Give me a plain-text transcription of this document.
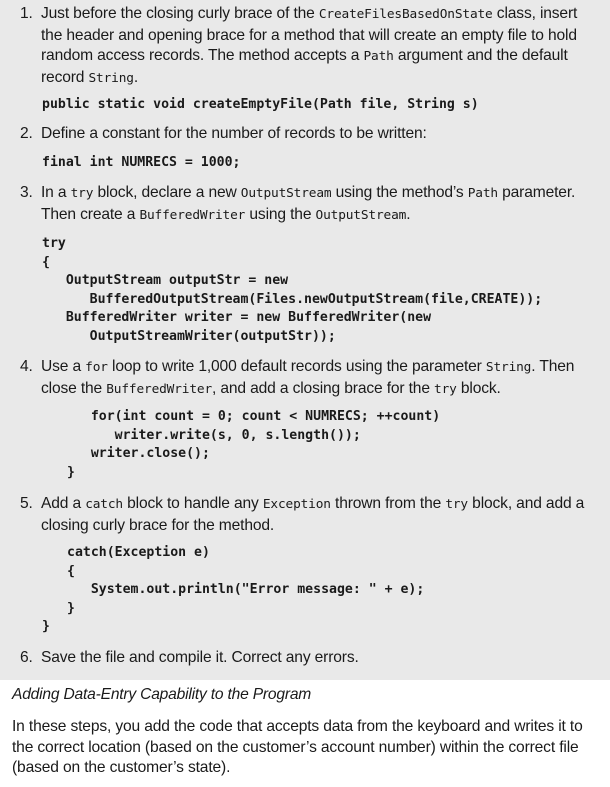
1. Just before the closing curly brace of the CreateFilesBasedOnState class, insert the header and opening brace for a method that will create an empty file to hold random access records. The method accepts a Path argument and the default record String.
public static void createEmptyFile(Path file, String s)
2. Define a constant for the number of records to be written:
final int NUMRECS = 1000;
3. In a try block, declare a new OutputStream using the method’s Path parameter. Then create a BufferedWriter using the OutputStream.
try
{
OutputStream outputStr = new
BufferedOutputStream(Files.newOutputStream(file,CREATE));
BufferedWriter writer = new BufferedWriter(new
OutputStreamWriter(outputStr));
4. Use a for loop to write 1,000 default records using the parameter String. Then close the BufferedWriter, and add a closing brace for the try block.
for(int count = 0; count < NUMRECS; ++count)
writer.write(s, 0, s.length());
writer.close();
}
5. Add a catch block to handle any Exception thrown from the try block, and add a closing curly brace for the method.
catch(Exception e)
{
System.out.println("Error message: " + e);
}
}
6. Save the file and compile it. Correct any errors.
Adding Data-Entry Capability to the Program
In these steps, you add the code that accepts data from the keyboard and writes it to the correct location (based on the customer’s account number) within the correct file (based on the customer’s state).
